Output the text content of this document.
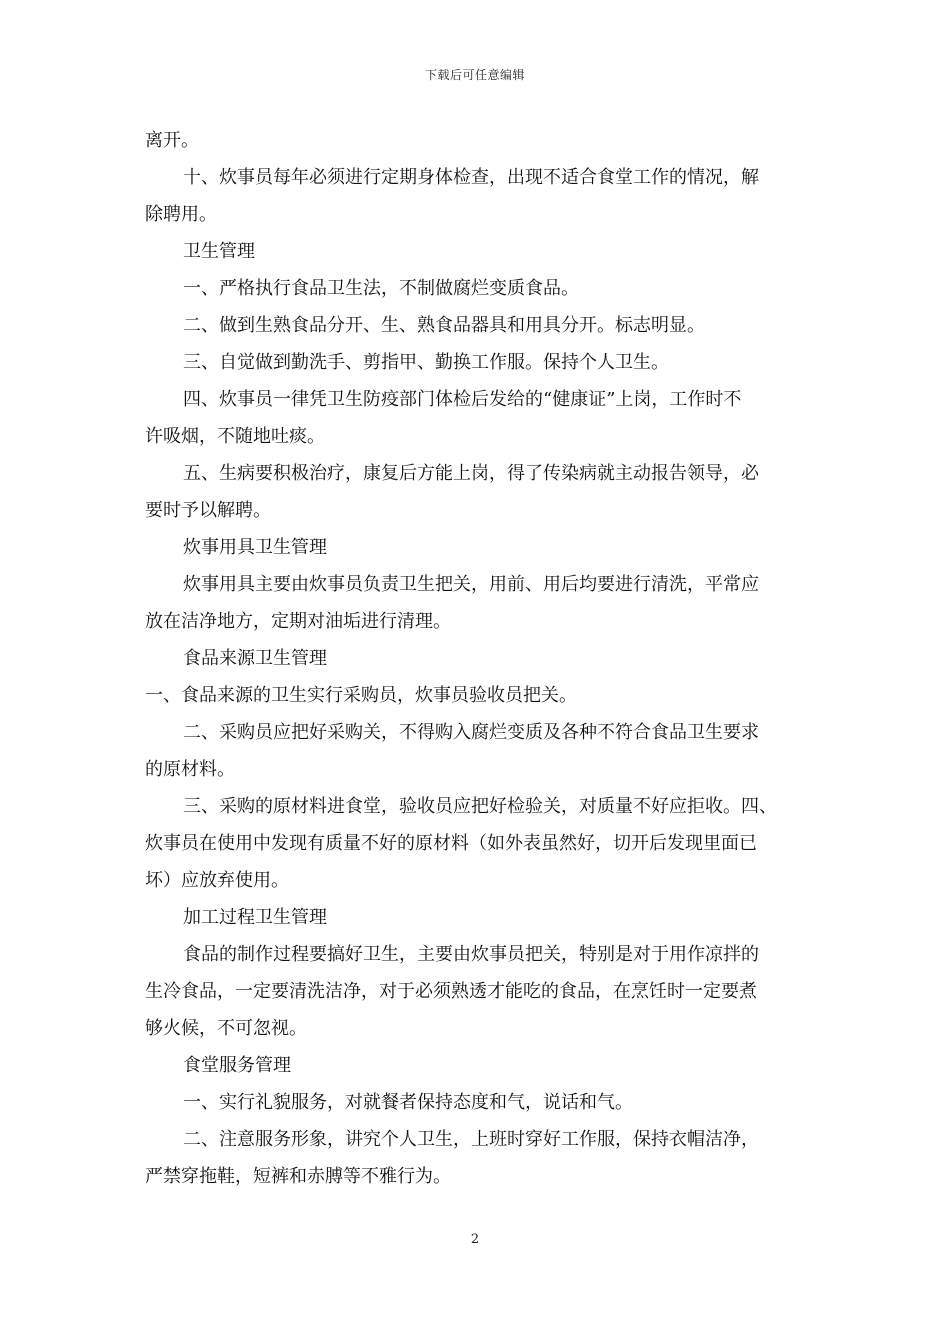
下载后可任意编辑

离开。

十、炊事员每年必须进行定期身体检查，出现不适合食堂工作的情况，解

除聘用。

卫生管理

一、严格执行食品卫生法，不制做腐烂变质食品。

二、做到生熟食品分开、生、熟食品器具和用具分开。标志明显。

三、自觉做到勤洗手、剪指甲、勤换工作服。保持个人卫生。

四、炊事员一律凭卫生防疫部门体检后发给的“健康证”上岗，工作时不

许吸烟，不随地吐痰。

五、生病要积极治疗，康复后方能上岗，得了传染病就主动报告领导，必

要时予以解聘。

炊事用具卫生管理

炊事用具主要由炊事员负责卫生把关，用前、用后均要进行清洗，平常应

放在洁净地方，定期对油垢进行清理。

食品来源卫生管理

一、食品来源的卫生实行采购员，炊事员验收员把关。

二、采购员应把好采购关，不得购入腐烂变质及各种不符合食品卫生要求

的原材料。

三、采购的原材料进食堂，验收员应把好检验关，对质量不好应拒收。四、

炊事员在使用中发现有质量不好的原材料（如外表虽然好，切开后发现里面已

坏）应放弃使用。

加工过程卫生管理

食品的制作过程要搞好卫生，主要由炊事员把关，特别是对于用作凉拌的

生冷食品，一定要清洗洁净，对于必须熟透才能吃的食品，在烹饪时一定要煮

够火候，不可忽视。

食堂服务管理

一、实行礼貌服务，对就餐者保持态度和气，说话和气。

二、注意服务形象，讲究个人卫生，上班时穿好工作服，保持衣帽洁净，

严禁穿拖鞋，短裤和赤膊等不雅行为。

2
